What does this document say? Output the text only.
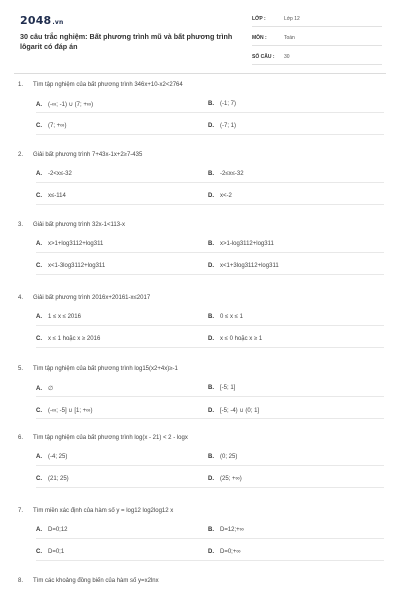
2048.vn
30 câu trắc nghiệm: Bất phương trình mũ và bất phương trình lôgarit có đáp án
LỚP :	Lớp 12
MÔN :	Toán
SỐ CÂU : 30
1. Tìm tập nghiệm của bất phương trình 346x+10-x2<2764
A. (-∞; -1) ∪ (7; +∞)	B. (-1; 7)
C. (7; +∞)	D. (-7; 1)
2. Giải bất phương trình 7+43x-1x+2≥7-435
A. -2<x≤-32	B. -2≤x≤-32
C. x≤-114	D. x<-2
3. Giải bất phương trình 32x-1<113-x
A. x>1+log3112+log311	B. x>1-log3112+log311
C. x<1-3log3112+log311	D. x<1+3log3112+log311
4. Giải bất phương trình 2016x+20161-x≤2017
A. 1 ≤ x ≤ 2016	B. 0 ≤ x ≤ 1
C. x ≤ 1 hoặc x ≥ 2016	D. x ≤ 0 hoặc x ≥ 1
5. Tìm tập nghiệm của bất phương trình log15(x2+4x)≥-1
A. ∅	B. [-5; 1]
C. (-∞; -5] ∪ [1; +∞)	D. [-5; -4) ∪ (0; 1]
6. Tìm tập nghiệm của bất phương trình log(x - 21) < 2 - logx
A. (-4; 25)	B. (0; 25)
C. (21; 25)	D. (25; +∞)
7. Tìm miền xác định của hàm số y = log12 log2log12 x
A. D=0;12	B. D=12;+∞
C. D=0;1	D. D=0;+∞
8. Tìm các khoảng đồng biến của hàm số y=x2lnx
